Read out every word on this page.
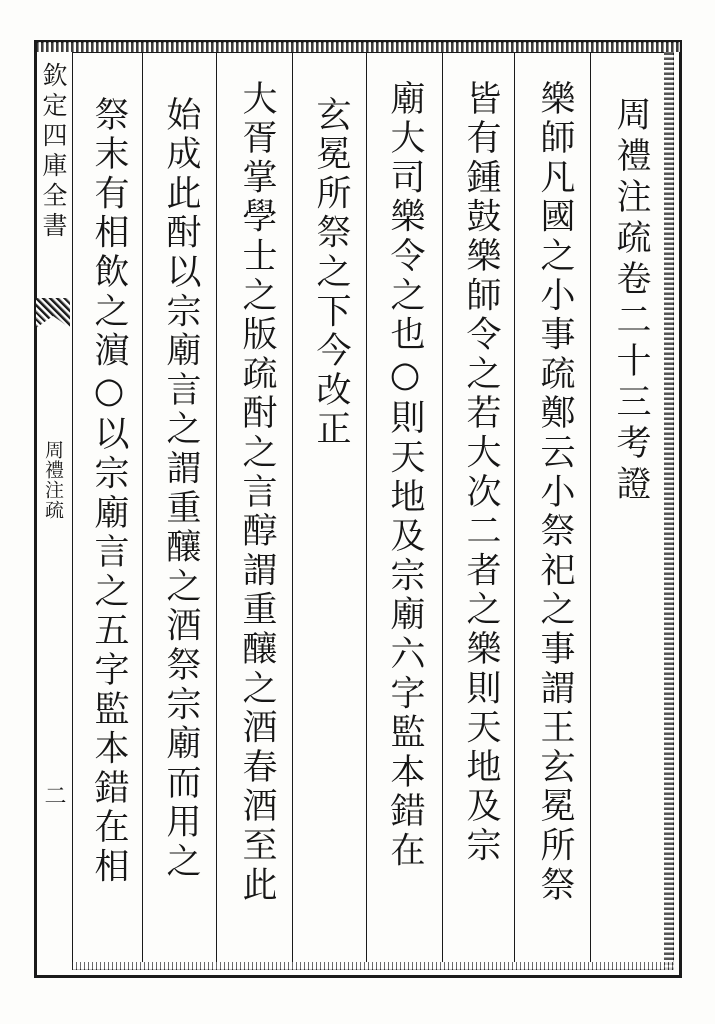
欽定四庫全書
周禮注疏
二
周禮注疏卷二十三考證
樂師凡國之小事疏鄭云小祭祀之事謂王玄冕所祭
皆有鍾鼓樂師令之若大次二者之樂則天地及宗
廟大司樂令之也○則天地及宗廟六字監本錯在
玄冕所祭之下今改正
大胥掌學士之版疏酎之言醇謂重釀之酒春酒至此
始成此酎以宗廟言之謂重釀之酒祭宗廟而用之
祭末有相飲之濵○以宗廟言之五字監本錯在相
